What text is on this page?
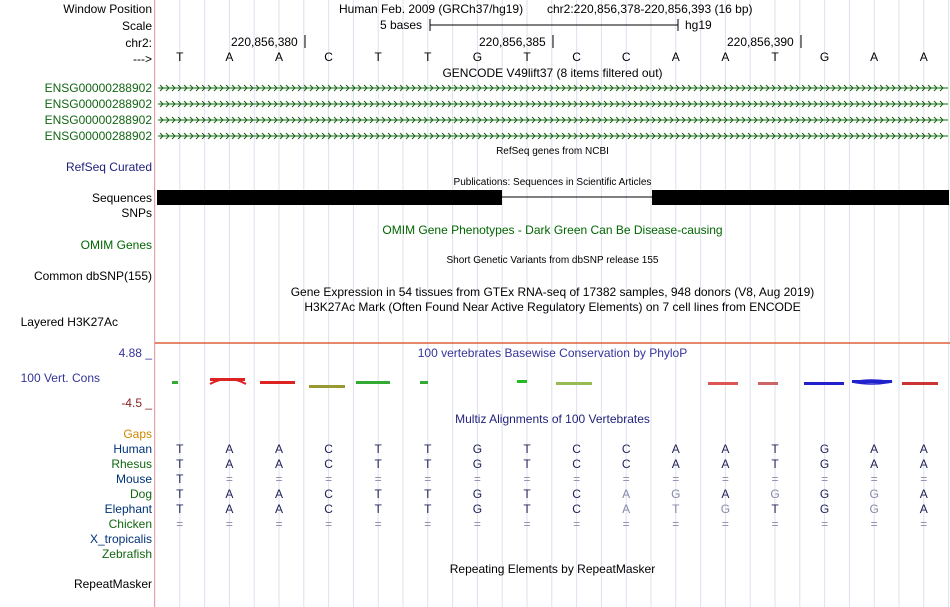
Window Position	Human Feb. 2009 (GRCh37/hg19) chr2:220,856,378-220,856,393 (16 bp)
Scale	5 bases	hg19
chr2:	220,856,380	220,856,385	220,856,390
--->	T	A	A	C	T	T	G	T	C	C	A	A	T	G	A	A
GENCODE V49lift37 (8 items filtered out)
ENSG00000288902
ENSG00000288902
ENSG00000288902
ENSG00000288902
RefSeq genes from NCBI
RefSeq Curated
Publications: Sequences in Scientific Articles
Sequences
SNPs
OMIM Gene Phenotypes - Dark Green Can Be Disease-causing
OMIM Genes
Short Genetic Variants from dbSNP release 155
Common dbSNP(155)
Gene Expression in 54 tissues from GTEx RNA-seq of 17382 samples, 948 donors (V8, Aug 2019)
H3K27Ac Mark (Often Found Near Active Regulatory Elements) on 7 cell lines from ENCODE
Layered H3K27Ac
100 vertebrates Basewise Conservation by PhyloP
4.88 _
100 Vert. Cons
-4.5 _
Multiz Alignments of 100 Vertebrates
Gaps
Human	T	A	A	C	T	T	G	T	C	C	A	A	T	G	A	A
Rhesus	T	A	A	C	T	T	G	T	C	C	A	A	T	G	A	A
Mouse	T	=	=	=	=	=	=	=	=	=	=	=	=	=	=	=
Dog	T	A	A	C	T	T	G	T	C	A	G	A	G	G	G	A
Elephant	T	A	A	C	T	T	G	T	C	A	T	G	T	G	G	A
Chicken	=	=	=	=	=	=	=	=	=	=	=	=	=	=	=	=
X_tropicalis
Zebrafish
Repeating Elements by RepeatMasker
RepeatMasker
